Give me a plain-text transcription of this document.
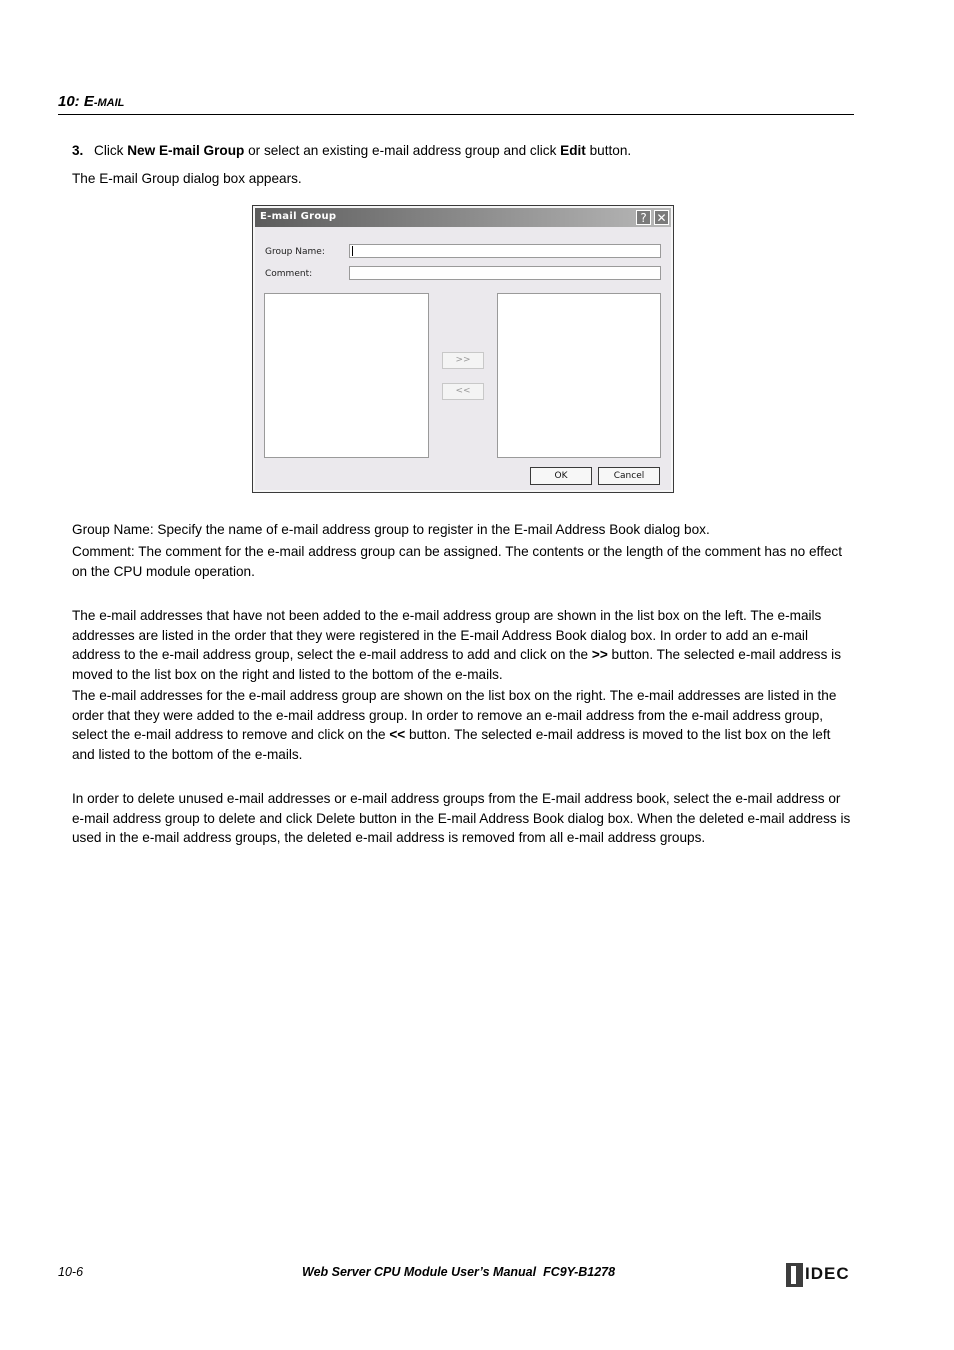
10: E-MAIL

3. Click New E-mail Group or select an existing e-mail address group and click Edit button.

The E-mail Group dialog box appears.

E-mail Group	? ✕
Group Name:
Comment:
>>
<<
OK	Cancel

Group Name: Specify the name of e-mail address group to register in the E-mail Address Book dialog box.

Comment: The comment for the e-mail address group can be assigned. The contents or the length of the comment has no effect on the CPU module operation.

The e-mail addresses that have not been added to the e-mail address group are shown in the list box on the left. The e-mails addresses are listed in the order that they were registered in the E-mail Address Book dialog box. In order to add an e-mail address to the e-mail address group, select the e-mail address to add and click on the >> button. The selected e-mail address is moved to the list box on the right and listed to the bottom of the e-mails.

The e-mail addresses for the e-mail address group are shown on the list box on the right. The e-mail addresses are listed in the order that they were added to the e-mail address group. In order to remove an e-mail address from the e-mail address group, select the e-mail address to remove and click on the << button. The selected e-mail address is moved to the list box on the left and listed to the bottom of the e-mails.

In order to delete unused e-mail addresses or e-mail address groups from the E-mail address book, select the e-mail address or e-mail address group to delete and click Delete button in the E-mail Address Book dialog box. When the deleted e-mail address is used in the e-mail address groups, the deleted e-mail address is removed from all e-mail address groups.

10-6	Web Server CPU Module User’s Manual FC9Y-B1278	IDEC
